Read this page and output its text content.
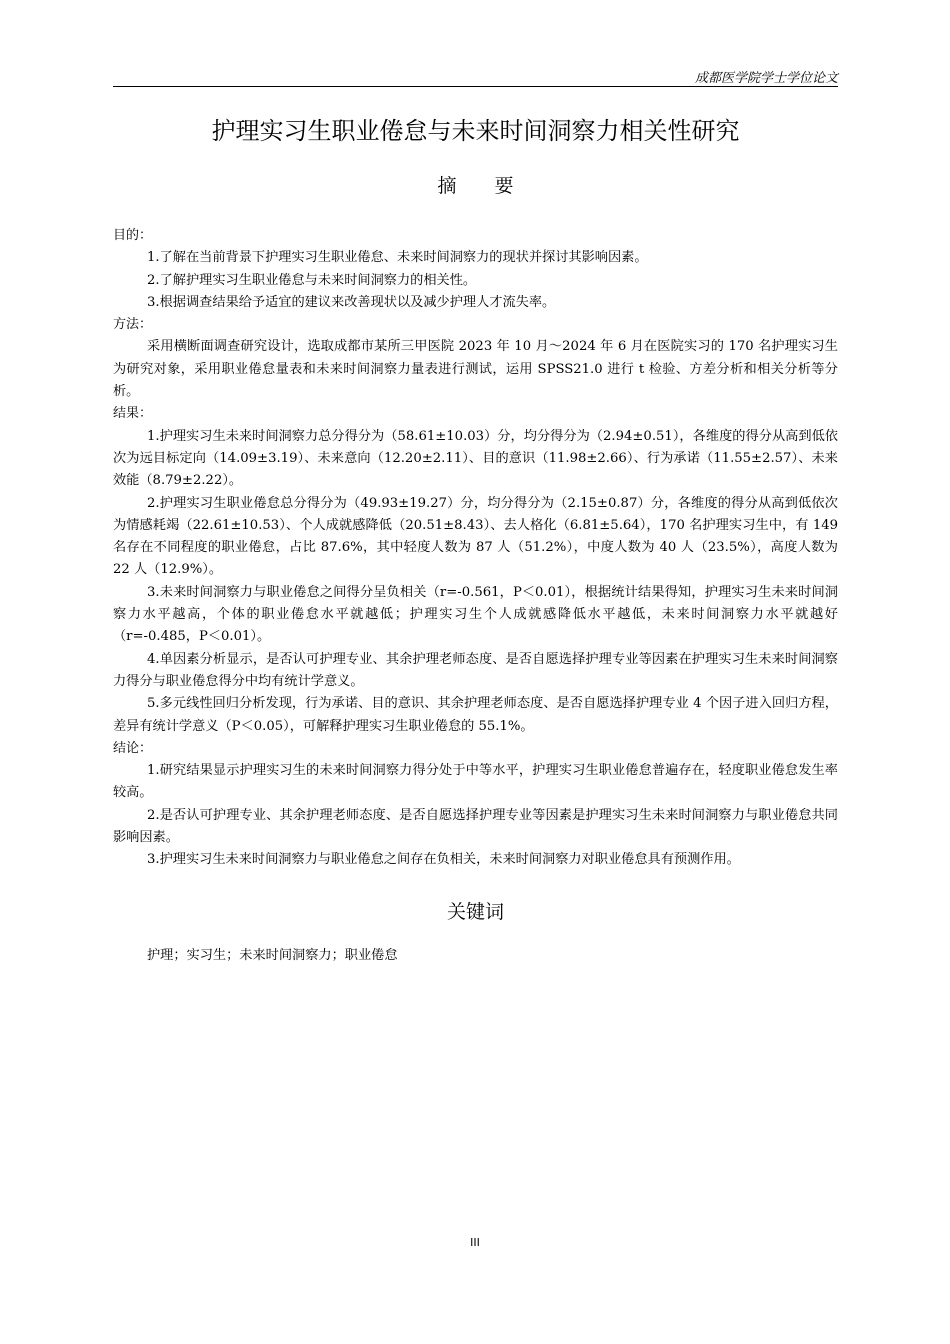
成都医学院学士学位论文
护理实习生职业倦怠与未来时间洞察力相关性研究
摘 要

目的：

1.了解在当前背景下护理实习生职业倦怠、未来时间洞察力的现状并探讨其影响因素。

2.了解护理实习生职业倦怠与未来时间洞察力的相关性。

3.根据调查结果给予适宜的建议来改善现状以及减少护理人才流失率。

方法：

采用横断面调查研究设计，选取成都市某所三甲医院 2023 年 10 月～2024 年 6 月在医院实习的 170 名护理实习生为研究对象，采用职业倦怠量表和未来时间洞察力量表进行测试，运用 SPSS21.0 进行 t 检验、方差分析和相关分析等分析。

结果：

1.护理实习生未来时间洞察力总分得分为（58.61±10.03）分，均分得分为（2.94±0.51），各维度的得分从高到低依次为远目标定向（14.09±3.19）、未来意向（12.20±2.11）、目的意识（11.98±2.66）、行为承诺（11.55±2.57）、未来效能（8.79±2.22）。

2.护理实习生职业倦怠总分得分为（49.93±19.27）分，均分得分为（2.15±0.87）分，各维度的得分从高到低依次为情感耗竭（22.61±10.53）、个人成就感降低（20.51±8.43）、去人格化（6.81±5.64），170 名护理实习生中，有 149 名存在不同程度的职业倦怠，占比 87.6%，其中轻度人数为 87 人（51.2%），中度人数为 40 人（23.5%），高度人数为 22 人（12.9%）。

3.未来时间洞察力与职业倦怠之间得分呈负相关（r=-0.561，P＜0.01），根据统计结果得知，护理实习生未来时间洞察力水平越高，个体的职业倦怠水平就越低；护理实习生个人成就感降低水平越低，未来时间洞察力水平就越好（r=-0.485，P＜0.01）。

4.单因素分析显示，是否认可护理专业、其余护理老师态度、是否自愿选择护理专业等因素在护理实习生未来时间洞察力得分与职业倦怠得分中均有统计学意义。

5.多元线性回归分析发现，行为承诺、目的意识、其余护理老师态度、是否自愿选择护理专业 4 个因子进入回归方程，差异有统计学意义（P＜0.05），可解释护理实习生职业倦怠的 55.1%。

结论：

1.研究结果显示护理实习生的未来时间洞察力得分处于中等水平，护理实习生职业倦怠普遍存在，轻度职业倦怠发生率较高。

2.是否认可护理专业、其余护理老师态度、是否自愿选择护理专业等因素是护理实习生未来时间洞察力与职业倦怠共同影响因素。

3.护理实习生未来时间洞察力与职业倦怠之间存在负相关，未来时间洞察力对职业倦怠具有预测作用。

关键词
护理；实习生；未来时间洞察力；职业倦怠
III
